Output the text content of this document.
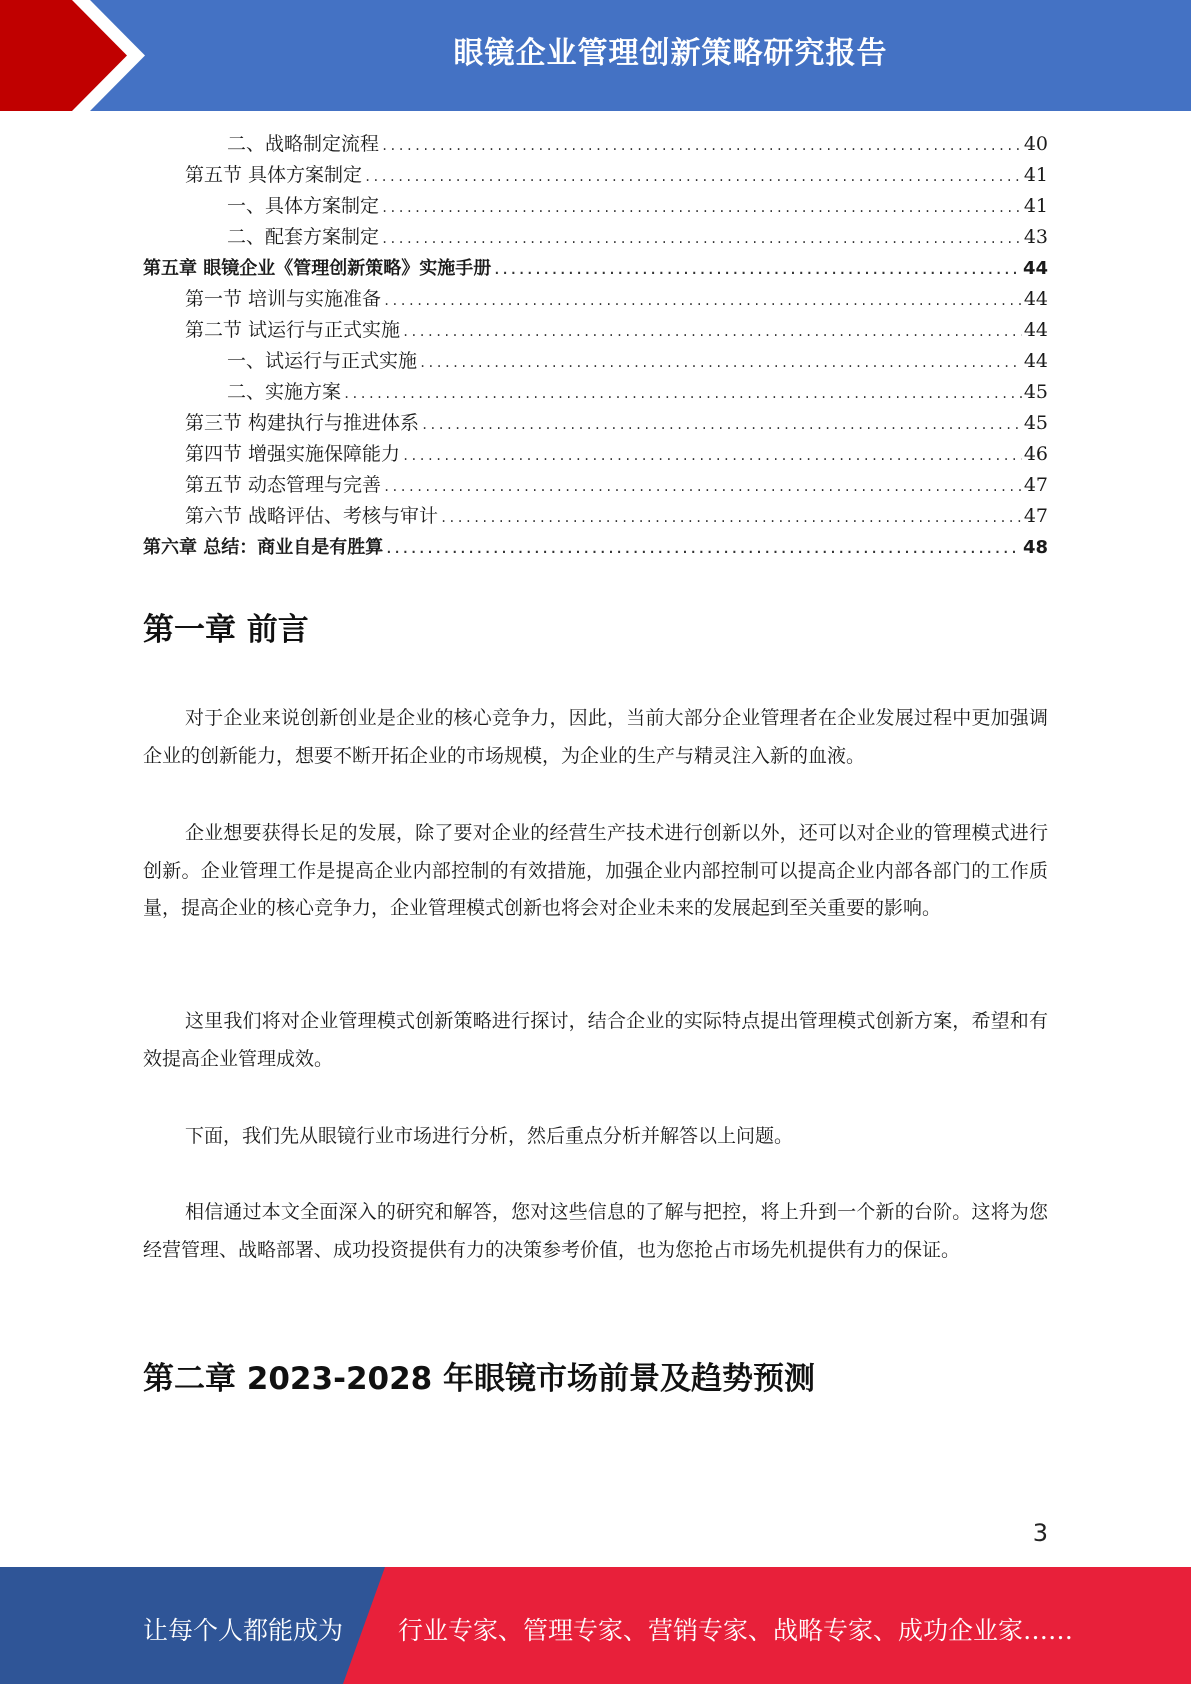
眼镜企业管理创新策略研究报告
二、战略制定流程 .....	40
第五节 具体方案制定 .....	41
一、具体方案制定 .....	41
二、配套方案制定 .....	43
第五章 眼镜企业《管理创新策略》实施手册 .....	44
第一节 培训与实施准备 .....	44
第二节 试运行与正式实施 .....	44
一、试运行与正式实施 .....	44
二、实施方案 .....	45
第三节 构建执行与推进体系 .....	45
第四节 增强实施保障能力 .....	46
第五节 动态管理与完善 .....	47
第六节 战略评估、考核与审计 .....	47
第六章 总结：商业自是有胜算 .....	48
第一章 前言

对于企业来说创新创业是企业的核心竞争力，因此，当前大部分企业管理者在企业发展过程中更加强调企业的创新能力，想要不断开拓企业的市场规模，为企业的生产与精灵注入新的血液。

企业想要获得长足的发展，除了要对企业的经营生产技术进行创新以外，还可以对企业的管理模式进行创新。企业管理工作是提高企业内部控制的有效措施，加强企业内部控制可以提高企业内部各部门的工作质量，提高企业的核心竞争力，企业管理模式创新也将会对企业未来的发展起到至关重要的影响。

这里我们将对企业管理模式创新策略进行探讨，结合企业的实际特点提出管理模式创新方案，希望和有效提高企业管理成效。

下面，我们先从眼镜行业市场进行分析，然后重点分析并解答以上问题。

相信通过本文全面深入的研究和解答，您对这些信息的了解与把控，将上升到一个新的台阶。这将为您经营管理、战略部署、成功投资提供有力的决策参考价值，也为您抢占市场先机提供有力的保证。

第二章 2023-2028 年眼镜市场前景及趋势预测
3
让每个人都能成为 行业专家、管理专家、营销专家、战略专家、成功企业家……
